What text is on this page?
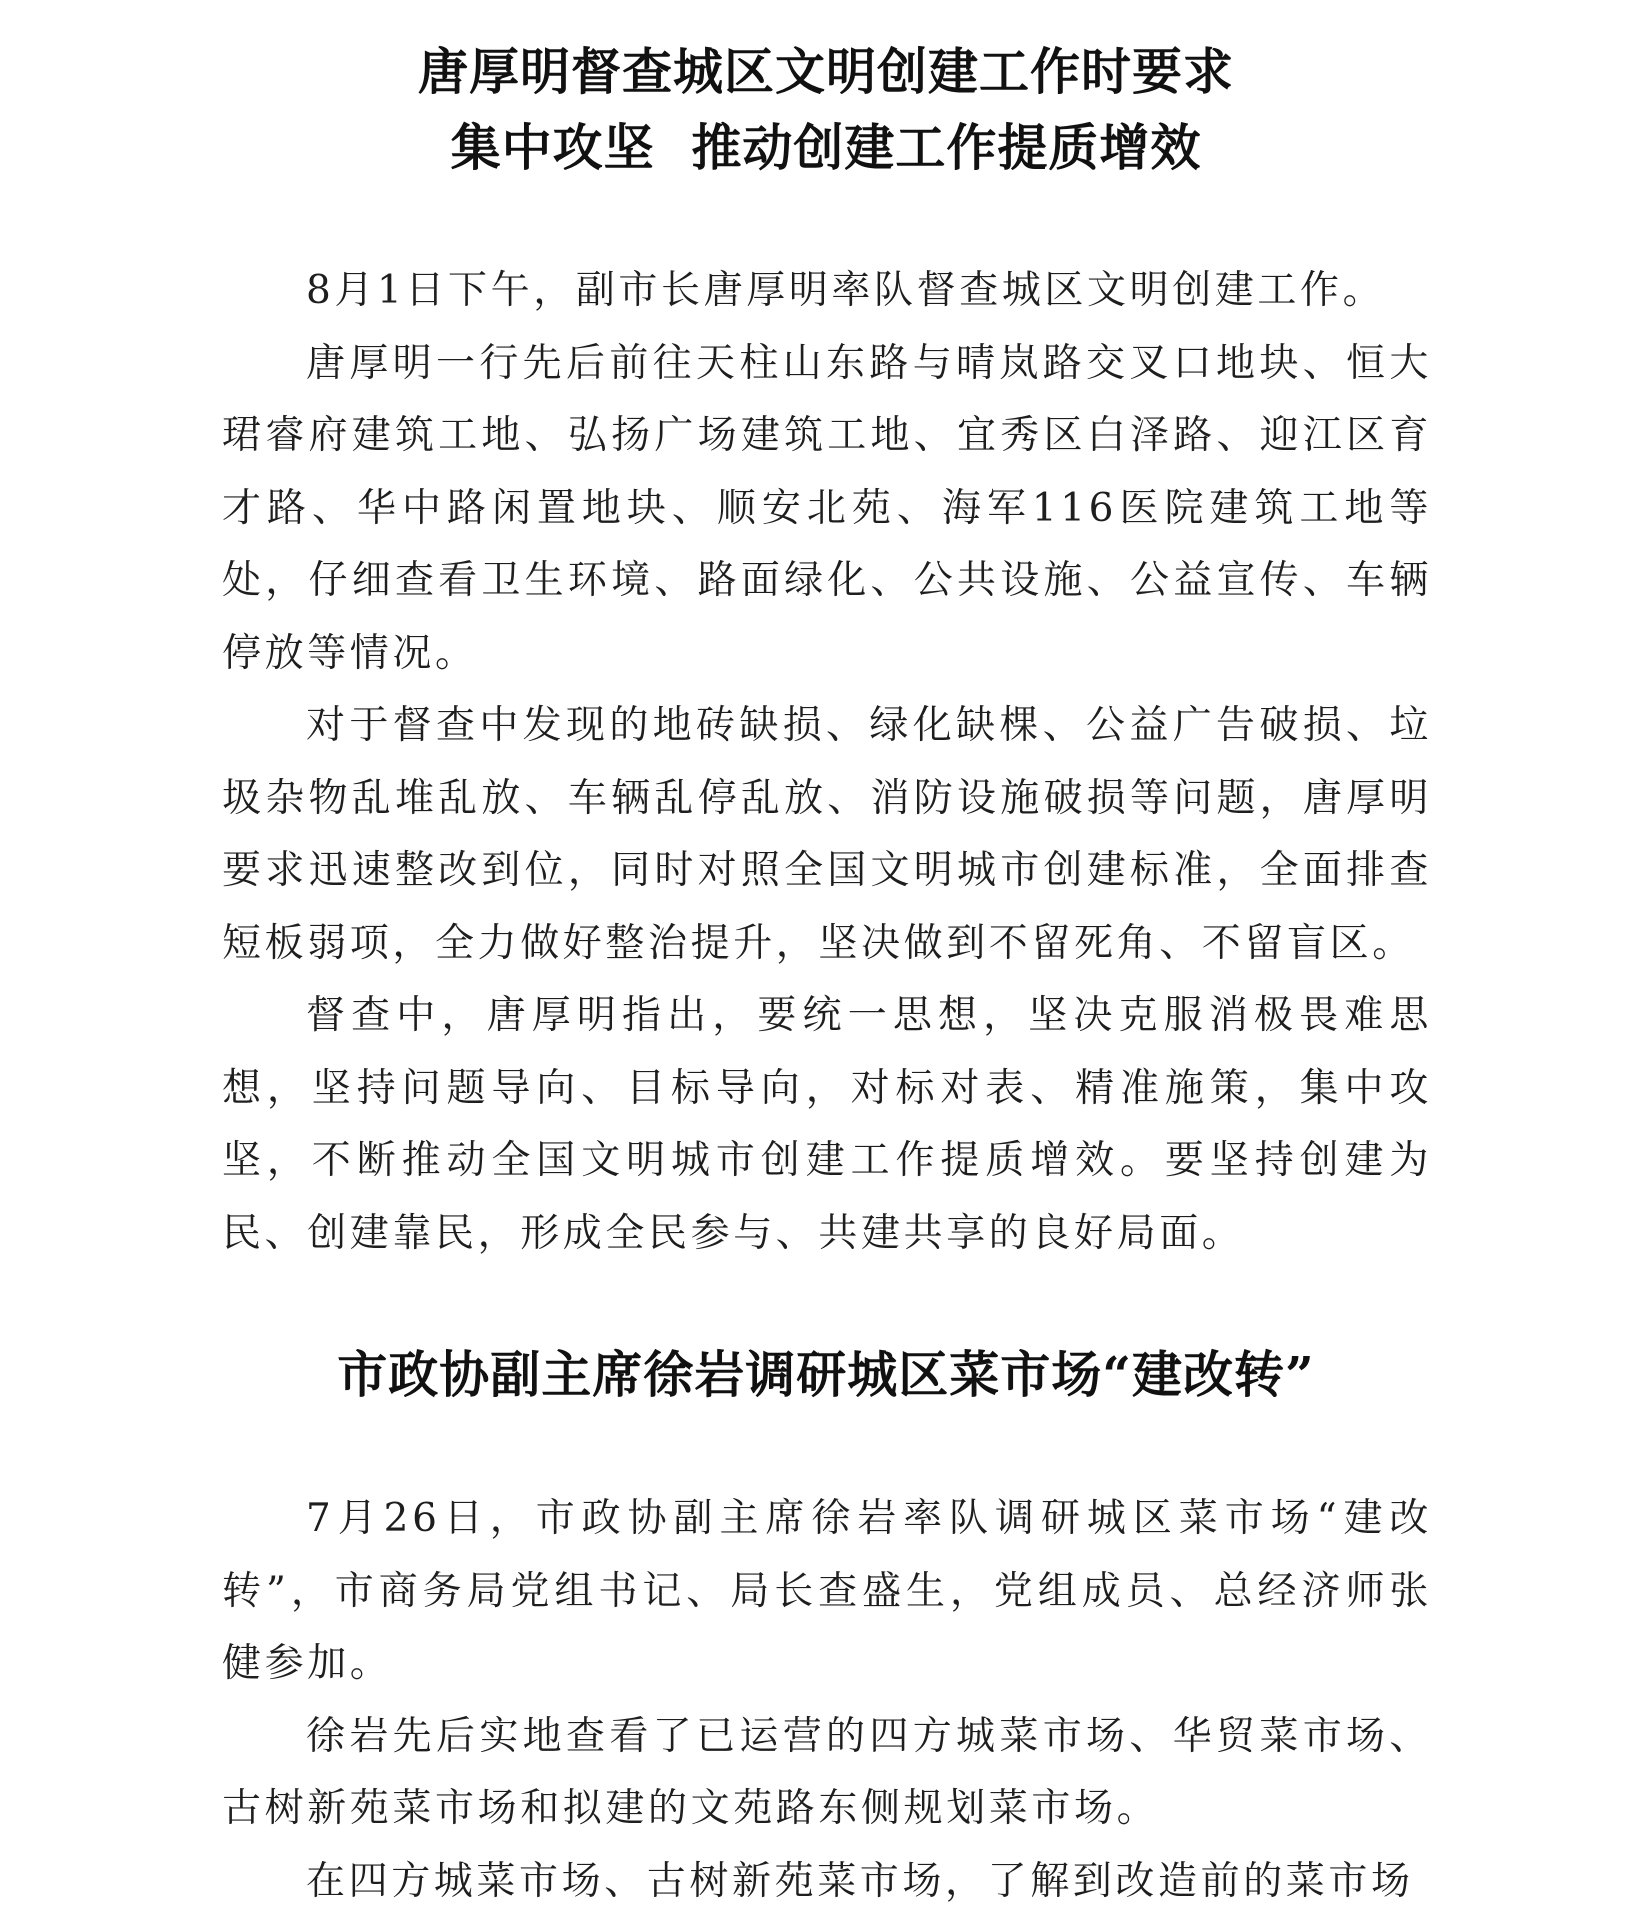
唐厚明督查城区文明创建工作时要求
集中攻坚  推动创建工作提质增效

8月1日下午，副市长唐厚明率队督查城区文明创建工作。

唐厚明一行先后前往天柱山东路与晴岚路交叉口地块、恒大珺睿府建筑工地、弘扬广场建筑工地、宜秀区白泽路、迎江区育才路、华中路闲置地块、顺安北苑、海军116医院建筑工地等处，仔细查看卫生环境、路面绿化、公共设施、公益宣传、车辆停放等情况。

对于督查中发现的地砖缺损、绿化缺棵、公益广告破损、垃圾杂物乱堆乱放、车辆乱停乱放、消防设施破损等问题，唐厚明要求迅速整改到位，同时对照全国文明城市创建标准，全面排查短板弱项，全力做好整治提升，坚决做到不留死角、不留盲区。

督查中，唐厚明指出，要统一思想，坚决克服消极畏难思想，坚持问题导向、目标导向，对标对表、精准施策，集中攻坚，不断推动全国文明城市创建工作提质增效。要坚持创建为民、创建靠民，形成全民参与、共建共享的良好局面。

市政协副主席徐岩调研城区菜市场“建改转”

7月26日，市政协副主席徐岩率队调研城区菜市场“建改转”，市商务局党组书记、局长查盛生，党组成员、总经济师张健参加。

徐岩先后实地查看了已运营的四方城菜市场、华贸菜市场、古树新苑菜市场和拟建的文苑路东侧规划菜市场。

在四方城菜市场、古树新苑菜市场，了解到改造前的菜市场
